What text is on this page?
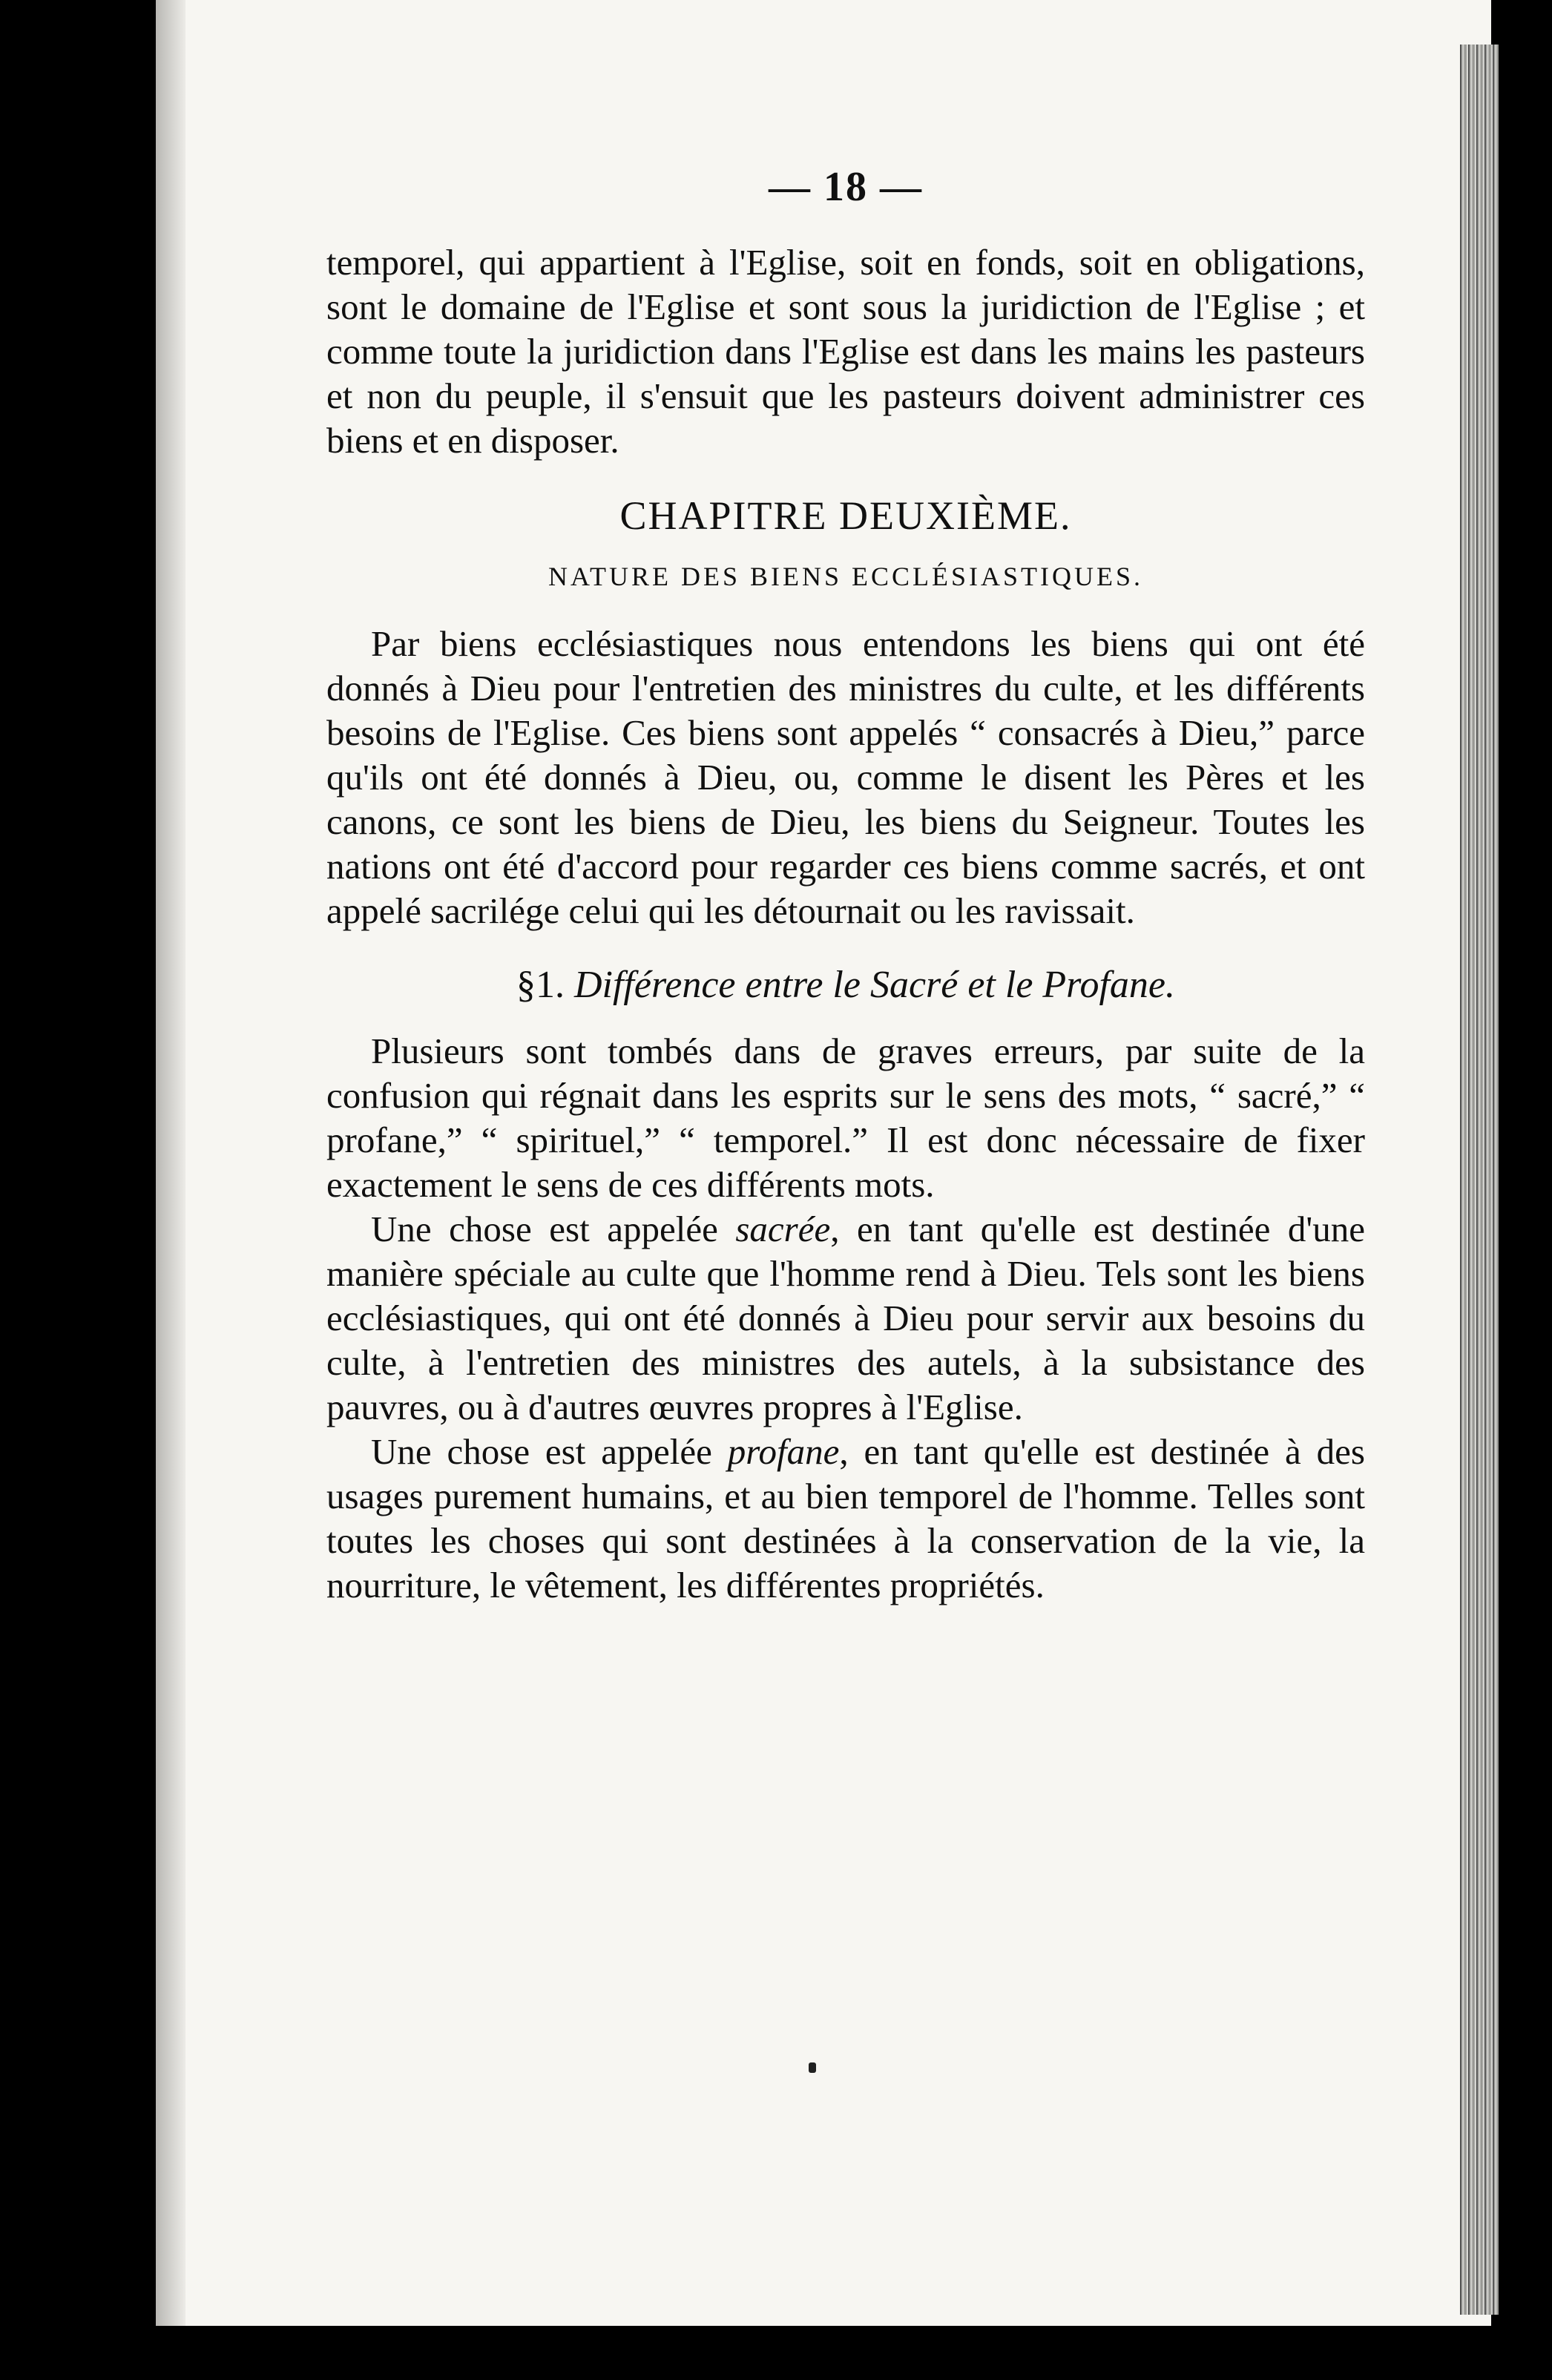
— 18 —

temporel, qui appartient à l'Eglise, soit en fonds, soit en obligations, sont le domaine de l'Eglise et sont sous la juridiction de l'Eglise ; et comme toute la juridiction dans l'Eglise est dans les mains les pasteurs et non du peuple, il s'ensuit que les pasteurs doivent administrer ces biens et en disposer.

CHAPITRE DEUXIÈME.
NATURE DES BIENS ECCLÉSIASTIQUES.

Par biens ecclésiastiques nous entendons les biens qui ont été donnés à Dieu pour l'entretien des ministres du culte, et les différents besoins de l'Eglise. Ces biens sont appelés “ consacrés à Dieu,” parce qu'ils ont été donnés à Dieu, ou, comme le disent les Pères et les canons, ce sont les biens de Dieu, les biens du Seigneur. Toutes les nations ont été d'accord pour regarder ces biens comme sacrés, et ont appelé sacrilége celui qui les détournait ou les ravissait.

§1. Différence entre le Sacré et le Profane.

Plusieurs sont tombés dans de graves erreurs, par suite de la confusion qui régnait dans les esprits sur le sens des mots, “ sacré,” “ profane,” “ spirituel,” “ temporel.” Il est donc nécessaire de fixer exactement le sens de ces différents mots.

Une chose est appelée sacrée, en tant qu'elle est destinée d'une manière spéciale au culte que l'homme rend à Dieu. Tels sont les biens ecclésiastiques, qui ont été donnés à Dieu pour servir aux besoins du culte, à l'entretien des ministres des autels, à la subsistance des pauvres, ou à d'autres œuvres propres à l'Eglise.

Une chose est appelée profane, en tant qu'elle est destinée à des usages purement humains, et au bien temporel de l'homme. Telles sont toutes les choses qui sont destinées à la conservation de la vie, la nourriture, le vêtement, les différentes propriétés.
